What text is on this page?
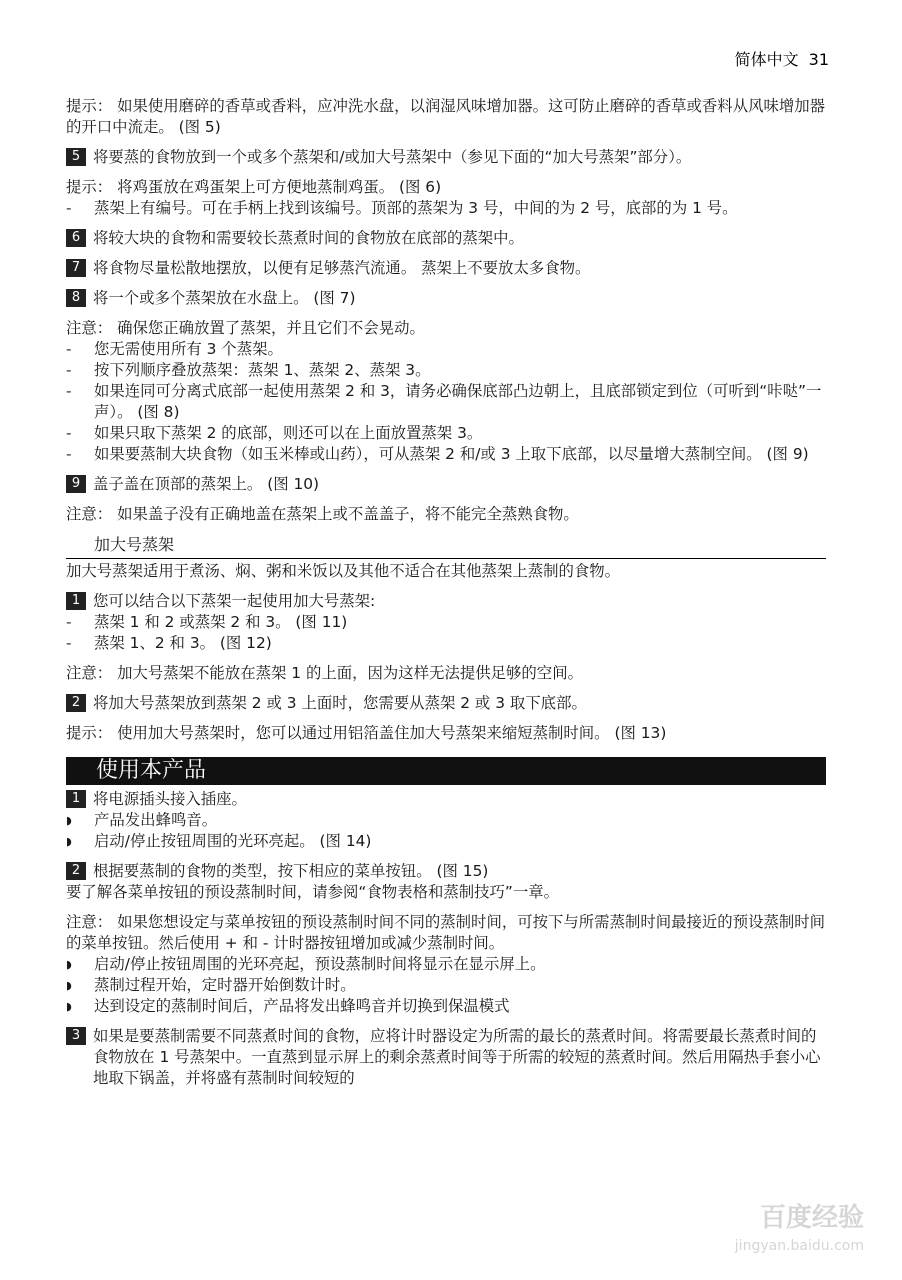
简体中文 31

提示： 如果使用磨碎的香草或香料，应冲洗水盘，以润湿风味增加器。这可防止磨碎的香草或香料从风味增加器的开口中流走。 (图 5)

5 将要蒸的食物放到一个或多个蒸架和/或加大号蒸架中（参见下面的“加大号蒸架”部分）。

提示： 将鸡蛋放在鸡蛋架上可方便地蒸制鸡蛋。 (图 6)

-	蒸架上有编号。可在手柄上找到该编号。顶部的蒸架为 3 号，中间的为 2 号，底部的为 1 号。
6 将较大块的食物和需要较长蒸煮时间的食物放在底部的蒸架中。
7 将食物尽量松散地摆放，以便有足够蒸汽流通。 蒸架上不要放太多食物。
8 将一个或多个蒸架放在水盘上。 (图 7)

注意： 确保您正确放置了蒸架，并且它们不会晃动。

-	您无需使用所有 3 个蒸架。
-	按下列顺序叠放蒸架：蒸架 1、蒸架 2、蒸架 3。
-	如果连同可分离式底部一起使用蒸架 2 和 3，请务必确保底部凸边朝上，且底部锁定到位（可听到“咔哒”一声）。 (图 8)
-	如果只取下蒸架 2 的底部，则还可以在上面放置蒸架 3。
-	如果要蒸制大块食物（如玉米棒或山药），可从蒸架 2 和/或 3 上取下底部，以尽量增大蒸制空间。 (图 9)
9 盖子盖在顶部的蒸架上。 (图 10)

注意： 如果盖子没有正确地盖在蒸架上或不盖盖子，将不能完全蒸熟食物。

加大号蒸架

加大号蒸架适用于煮汤、焖、粥和米饭以及其他不适合在其他蒸架上蒸制的食物。

1 您可以结合以下蒸架一起使用加大号蒸架:
-	蒸架 1 和 2 或蒸架 2 和 3。 (图 11)
-	蒸架 1、2 和 3。 (图 12)

注意： 加大号蒸架不能放在蒸架 1 的上面，因为这样无法提供足够的空间。

2 将加大号蒸架放到蒸架 2 或 3 上面时，您需要从蒸架 2 或 3 取下底部。

提示： 使用加大号蒸架时，您可以通过用铝箔盖住加大号蒸架来缩短蒸制时间。 (图 13)

使用本产品
1 将电源插头接入插座。
◗	产品发出蜂鸣音。
◗	启动/停止按钮周围的光环亮起。 (图 14)
2 根据要蒸制的食物的类型，按下相应的菜单按钮。 (图 15)

要了解各菜单按钮的预设蒸制时间，请参阅“食物表格和蒸制技巧”一章。

注意： 如果您想设定与菜单按钮的预设蒸制时间不同的蒸制时间，可按下与所需蒸制时间最接近的预设蒸制时间的菜单按钮。然后使用 + 和 - 计时器按钮增加或减少蒸制时间。

◗	启动/停止按钮周围的光环亮起，预设蒸制时间将显示在显示屏上。
◗	蒸制过程开始，定时器开始倒数计时。
◗	达到设定的蒸制时间后，产品将发出蜂鸣音并切换到保温模式
3 如果是要蒸制需要不同蒸煮时间的食物，应将计时器设定为所需的最长的蒸煮时间。将需要最长蒸煮时间的食物放在 1 号蒸架中。一直蒸到显示屏上的剩余蒸煮时间等于所需的较短的蒸煮时间。然后用隔热手套小心地取下锅盖，并将盛有蒸制时间较短的
百度经验
jingyan.baidu.com
